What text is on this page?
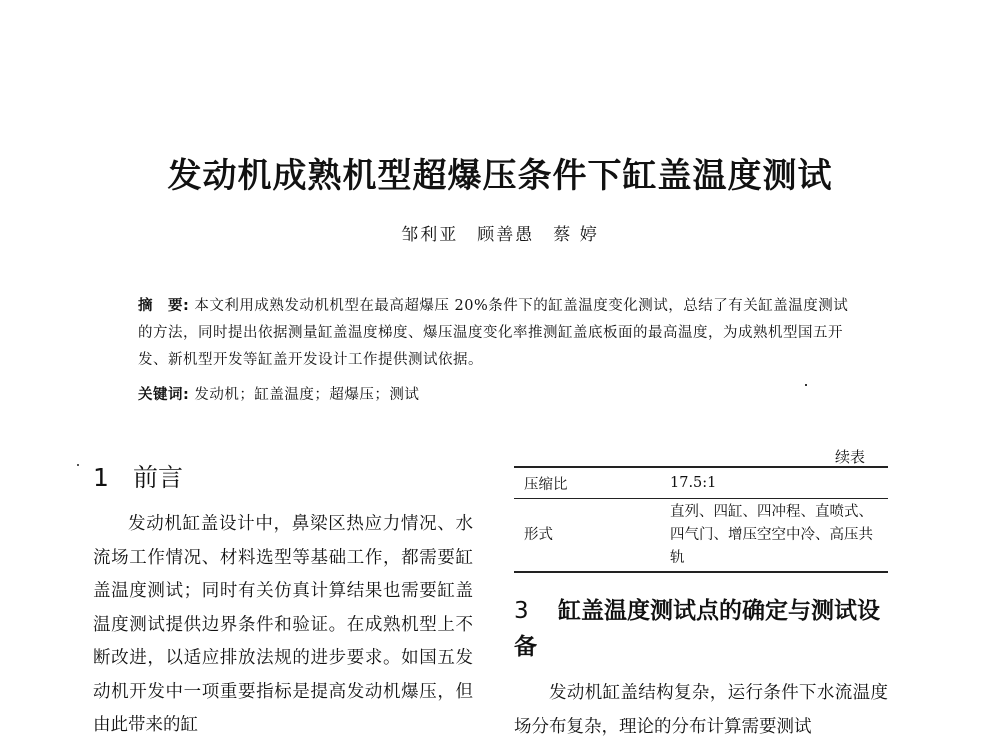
发动机成熟机型超爆压条件下缸盖温度测试
邹利亚　顾善愚　蔡 婷
摘　要: 本文利用成熟发动机机型在最高超爆压 20%条件下的缸盖温度变化测试，总结了有关缸盖温度测试的方法，同时提出依据测量缸盖温度梯度、爆压温度变化率推测缸盖底板面的最高温度，为成熟机型国五开发、新机型开发等缸盖开发设计工作提供测试依据。
关键词: 发动机；缸盖温度；超爆压；测试
1 前言
发动机缸盖设计中，鼻梁区热应力情况、水流场工作情况、材料选型等基础工作，都需要缸盖温度测试；同时有关仿真计算结果也需要缸盖温度测试提供边界条件和验证。在成熟机型上不断改进，以适应排放法规的进步要求。如国五发动机开发中一项重要指标是提高发动机爆压，但由此带来的缸
续表
压缩比	17.5:1
形式	直列、四缸、四冲程、直喷式、四气门、增压空空中冷、高压共轨
3 缸盖温度测试点的确定与测试设备
发动机缸盖结构复杂，运行条件下水流温度场分布复杂，理论的分布计算需要测试
